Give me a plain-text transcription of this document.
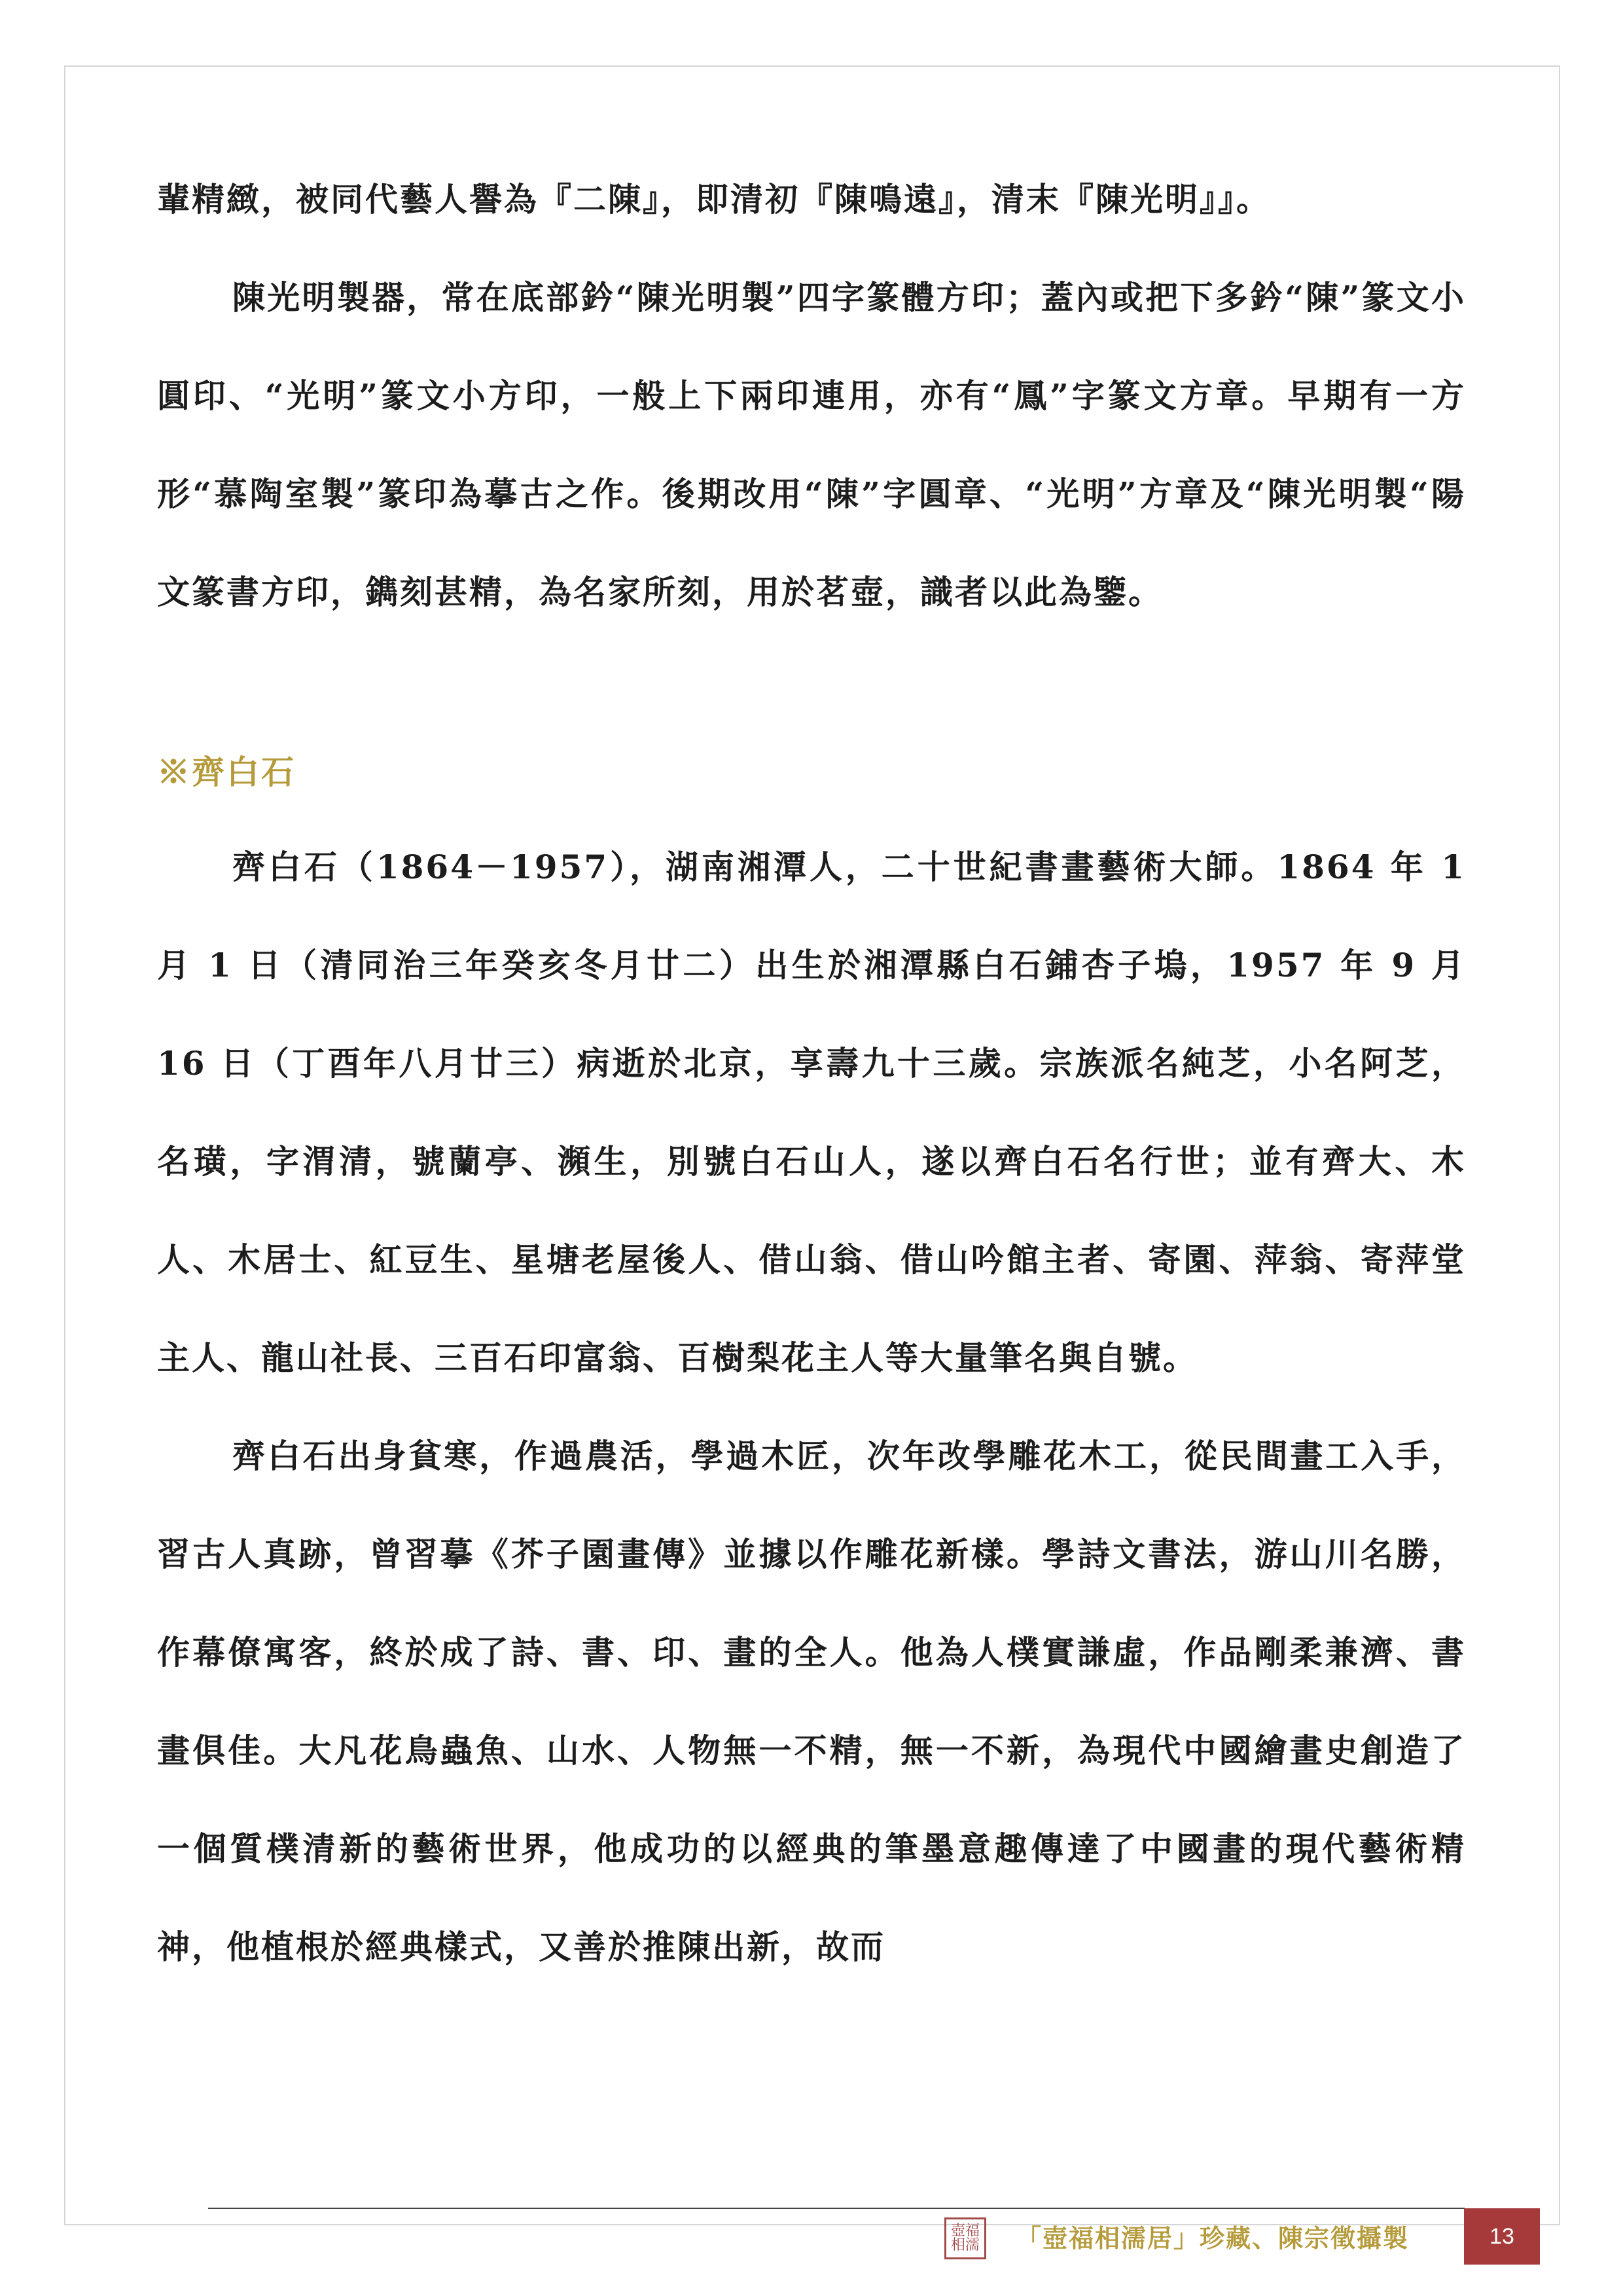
輩精緻，被同代藝人譽為『二陳』，即清初『陳鳴遠』，清末『陳光明』』。

陳光明製器，常在底部鈐“陳光明製”四字篆體方印；蓋內或把下多鈐“陳”篆文小圓印、“光明”篆文小方印，一般上下兩印連用，亦有“鳳”字篆文方章。早期有一方形“慕陶室製”篆印為摹古之作。後期改用“陳”字圓章、“光明”方章及“陳光明製“陽文篆書方印，鐫刻甚精，為名家所刻，用於茗壺，識者以此為鑒。

※齊白石

齊白石（1864－1957），湖南湘潭人，二十世紀書畫藝術大師。1864 年 1 月 1 日（清同治三年癸亥冬月廿二）出生於湘潭縣白石鋪杏子塢，1957 年 9 月 16 日（丁酉年八月廿三）病逝於北京，享壽九十三歲。宗族派名純芝，小名阿芝，名璜，字渭清，號蘭亭、瀕生，別號白石山人，遂以齊白石名行世；並有齊大、木人、木居士、紅豆生、星塘老屋後人、借山翁、借山吟館主者、寄園、萍翁、寄萍堂主人、龍山社長、三百石印富翁、百樹梨花主人等大量筆名與自號。

齊白石出身貧寒，作過農活，學過木匠，次年改學雕花木工，從民間畫工入手，習古人真跡，曾習摹《芥子園畫傳》並據以作雕花新樣。學詩文書法，游山川名勝，作幕僚寓客，終於成了詩、書、印、畫的全人。他為人樸實謙虛，作品剛柔兼濟、書畫俱佳。大凡花鳥蟲魚、山水、人物無一不精，無一不新，為現代中國繪畫史創造了一個質樸清新的藝術世界，他成功的以經典的筆墨意趣傳達了中國畫的現代藝術精神，他植根於經典樣式，又善於推陳出新，故而

壺福相濡 「壺福相濡居」珍藏、陳宗徵攝製	13
